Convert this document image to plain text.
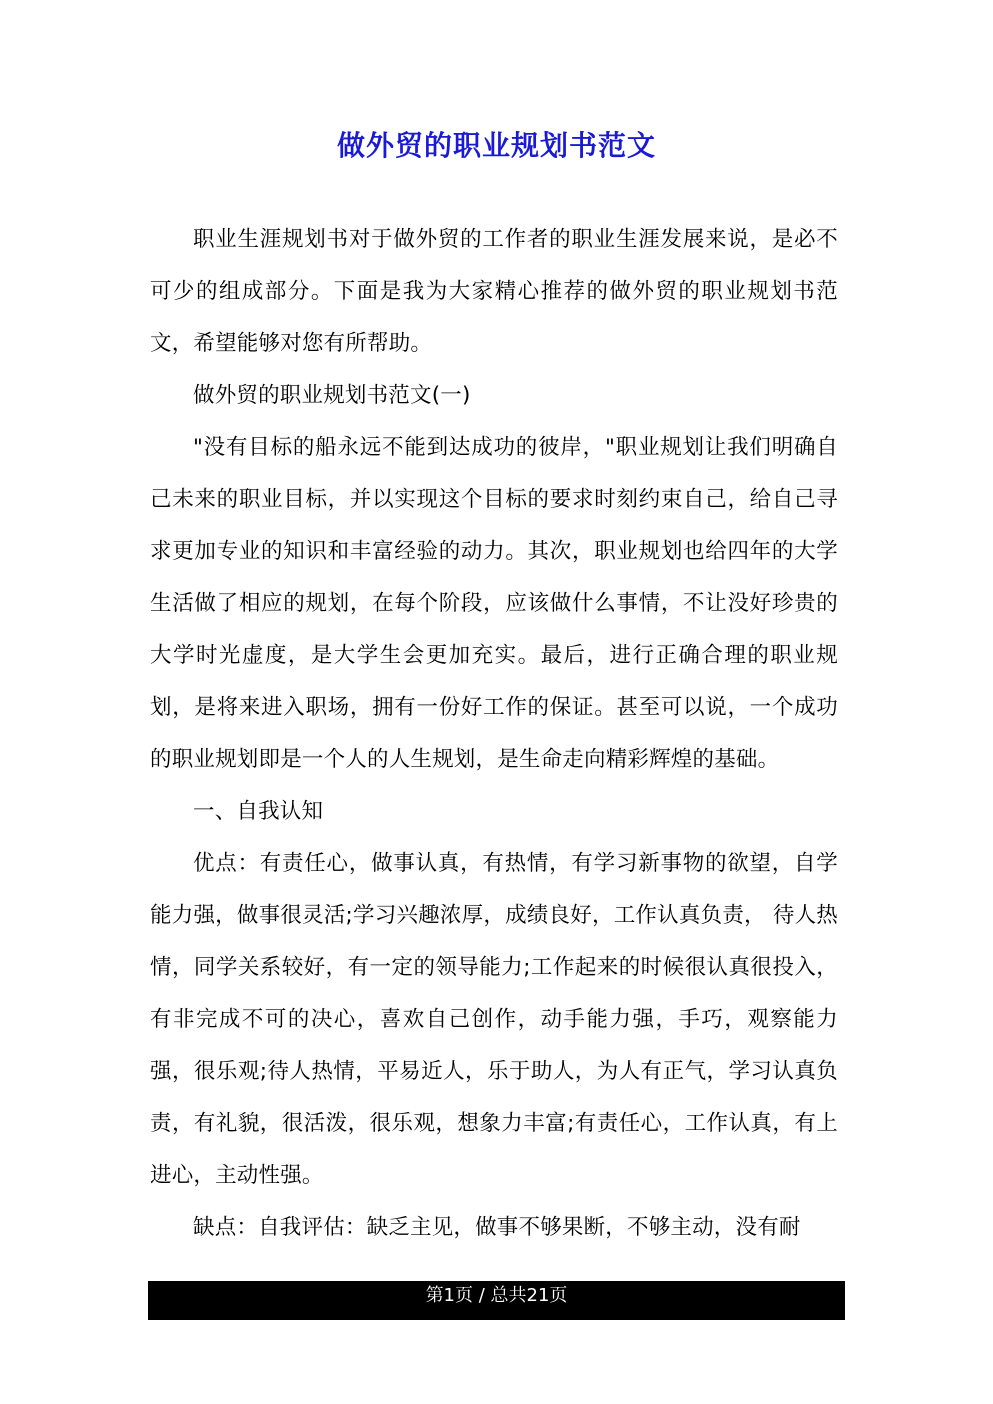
做外贸的职业规划书范文

职业生涯规划书对于做外贸的工作者的职业生涯发展来说，是必不可少的组成部分。下面是我为大家精心推荐的做外贸的职业规划书范文，希望能够对您有所帮助。

做外贸的职业规划书范文(一)

"没有目标的船永远不能到达成功的彼岸，"职业规划让我们明确自己未来的职业目标，并以实现这个目标的要求时刻约束自己，给自己寻求更加专业的知识和丰富经验的动力。其次，职业规划也给四年的大学生活做了相应的规划，在每个阶段，应该做什么事情，不让没好珍贵的大学时光虚度，是大学生会更加充实。最后，进行正确合理的职业规划，是将来进入职场，拥有一份好工作的保证。甚至可以说，一个成功的职业规划即是一个人的人生规划，是生命走向精彩辉煌的基础。

一、自我认知

优点：有责任心，做事认真，有热情，有学习新事物的欲望，自学能力强，做事很灵活;学习兴趣浓厚，成绩良好，工作认真负责， 待人热情，同学关系较好，有一定的领导能力;工作起来的时候很认真很投入，有非完成不可的决心，喜欢自己创作，动手能力强，手巧，观察能力强，很乐观;待人热情，平易近人，乐于助人，为人有正气，学习认真负责，有礼貌，很活泼，很乐观，想象力丰富;有责任心，工作认真，有上进心，主动性强。

缺点：自我评估：缺乏主见，做事不够果断，不够主动，没有耐

第1页 / 总共21页
